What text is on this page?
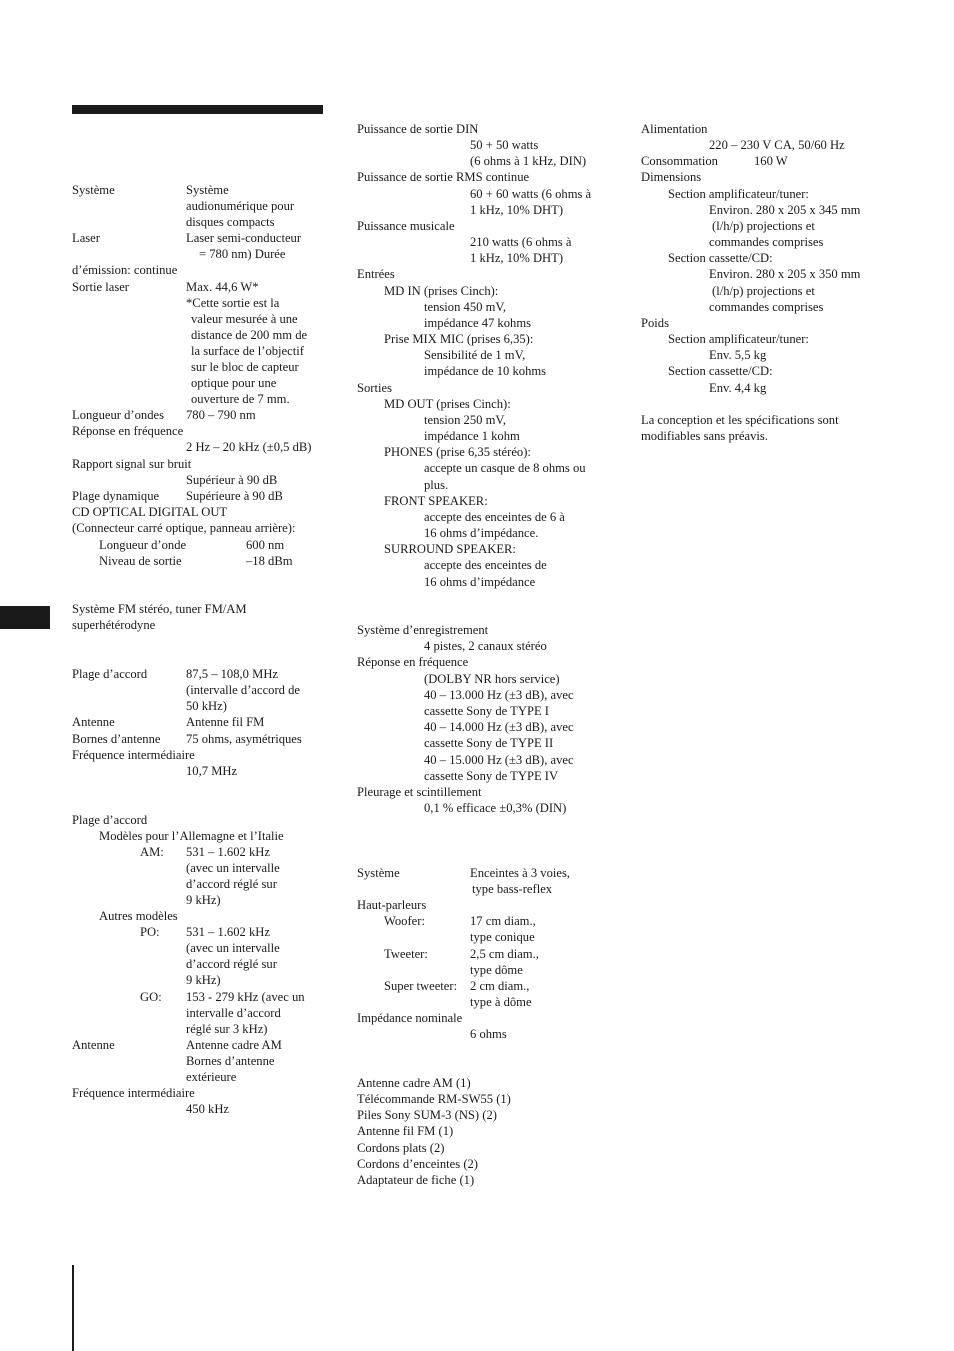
Système	Système
audionumérique pour
disques compacts
Laser	Laser semi-conducteur
= 780 nm) Durée
d’émission: continue
Sortie laser	Max. 44,6 W*
*Cette sortie est la
valeur mesurée à une
distance de 200 mm de
la surface de l’objectif
sur le bloc de capteur
optique pour une
ouverture de 7 mm.
Longueur d’ondes 780 – 790 nm
Réponse en fréquence
2 Hz – 20 kHz (±0,5 dB)
Rapport signal sur bruit
Supérieur à 90 dB
Plage dynamique Supérieure à 90 dB
CD OPTICAL DIGITAL OUT
(Connecteur carré optique, panneau arrière):
Longueur d’onde	600 nm
Niveau de sortie	–18 dBm
Système FM stéréo, tuner FM/AM
superhétérodyne
Plage d’accord	87,5 – 108,0 MHz
(intervalle d’accord de
50 kHz)
Antenne	Antenne fil FM
Bornes d’antenne 75 ohms, asymétriques
Fréquence intermédiaire
10,7 MHz
Plage d’accord
Modèles pour l’Allemagne et l’Italie
AM: 531 – 1.602 kHz
(avec un intervalle
d’accord réglé sur
9 kHz)
Autres modèles
PO: 531 – 1.602 kHz
(avec un intervalle
d’accord réglé sur
9 kHz)
GO: 153 - 279 kHz (avec un
intervalle d’accord
réglé sur 3 kHz)
Antenne	Antenne cadre AM
Bornes d’antenne
extérieure
Fréquence intermédiaire
450 kHz
Puissance de sortie DIN
50 + 50 watts
(6 ohms à 1 kHz, DIN)
Puissance de sortie RMS continue
60 + 60 watts (6 ohms à
1 kHz, 10% DHT)
Puissance musicale
210 watts (6 ohms à
1 kHz, 10% DHT)
Entrées
MD IN (prises Cinch):
tension 450 mV,
impédance 47 kohms
Prise MIX MIC (prises 6,35):
Sensibilité de 1 mV,
impédance de 10 kohms
Sorties
MD OUT (prises Cinch):
tension 250 mV,
impédance 1 kohm
PHONES (prise 6,35 stéréo):
accepte un casque de 8 ohms ou
plus.
FRONT SPEAKER:
accepte des enceintes de 6 à
16 ohms d’impédance.
SURROUND SPEAKER:
accepte des enceintes de
16 ohms d’impédance
Système d’enregistrement
4 pistes, 2 canaux stéréo
Réponse en fréquence
(DOLBY NR hors service)
40 – 13.000 Hz (±3 dB), avec
cassette Sony de TYPE I
40 – 14.000 Hz (±3 dB), avec
cassette Sony de TYPE II
40 – 15.000 Hz (±3 dB), avec
cassette Sony de TYPE IV
Pleurage et scintillement
0,1 % efficace ±0,3% (DIN)
Système	Enceintes à 3 voies,
type bass-reflex
Haut-parleurs
Woofer:	17 cm diam.,
type conique
Tweeter:	2,5 cm diam.,
type dôme
Super tweeter: 2 cm diam.,
type à dôme
Impédance nominale
6 ohms
Antenne cadre AM (1)
Télécommande RM-SW55 (1)
Piles Sony SUM-3 (NS) (2)
Antenne fil FM (1)
Cordons plats (2)
Cordons d’enceintes (2)
Adaptateur de fiche (1)
Alimentation
220 – 230 V CA, 50/60 Hz
Consommation	160 W
Dimensions
Section amplificateur/tuner:
Environ. 280 x 205 x 345 mm
(l/h/p) projections et
commandes comprises
Section cassette/CD:
Environ. 280 x 205 x 350 mm
(l/h/p) projections et
commandes comprises
Poids
Section amplificateur/tuner:
Env. 5,5 kg
Section cassette/CD:
Env. 4,4 kg
La conception et les spécifications sont
modifiables sans préavis.
